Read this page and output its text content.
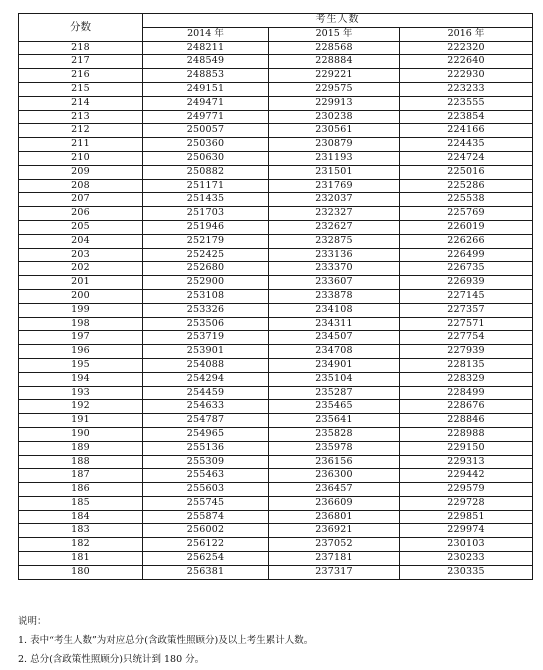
分数	考生人数		
	2014 年	2015 年	2016 年
218	248211	228568	222320
217	248549	228884	222640
216	248853	229221	222930
215	249151	229575	223233
214	249471	229913	223555
213	249771	230238	223854
212	250057	230561	224166
211	250360	230879	224435
210	250630	231193	224724
209	250882	231501	225016
208	251171	231769	225286
207	251435	232037	225538
206	251703	232327	225769
205	251946	232627	226019
204	252179	232875	226266
203	252425	233136	226499
202	252680	233370	226735
201	252900	233607	226939
200	253108	233878	227145
199	253326	234108	227357
198	253506	234311	227571
197	253719	234507	227754
196	253901	234708	227939
195	254088	234901	228135
194	254294	235104	228329
193	254459	235287	228499
192	254633	235465	228676
191	254787	235641	228846
190	254965	235828	228988
189	255136	235978	229150
188	255309	236156	229313
187	255463	236300	229442
186	255603	236457	229579
185	255745	236609	229728
184	255874	236801	229851
183	256002	236921	229974
182	256122	237052	230103
181	256254	237181	230233
180	256381	237317	230335
说明：
1. 表中“考生人数”为对应总分(含政策性照顾分)及以上考生累计人数。
2. 总分(含政策性照顾分)只统计到 180 分。
